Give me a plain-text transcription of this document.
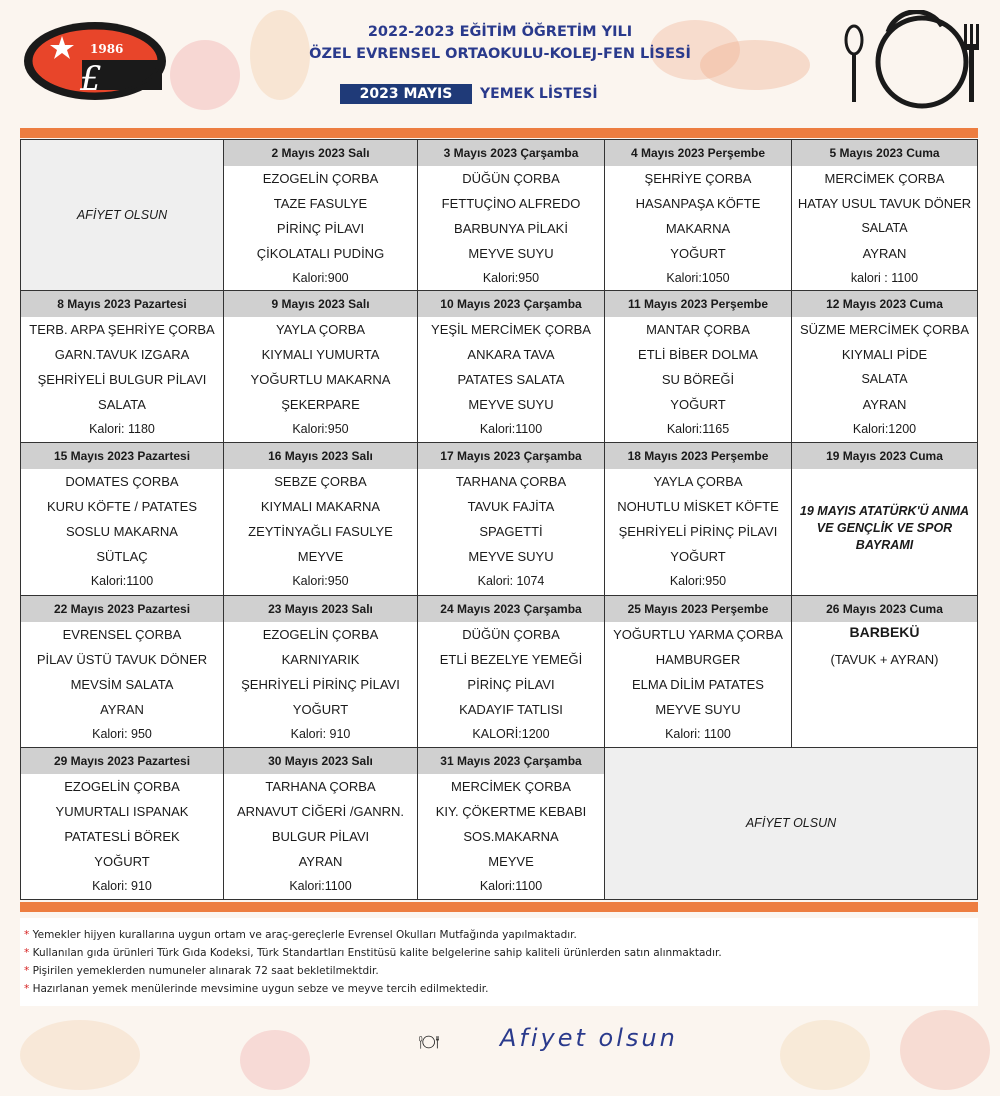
1986
£
2022-2023 EĞİTİM ÖĞRETİM YILI
ÖZEL EVRENSEL ORTAOKULU-KOLEJ-FEN LİSESİ
2023 MAYIS	YEMEK LİSTESİ
AFİYET OLSUN
2 Mayıs 2023 Salı
EZOGELİN ÇORBA
TAZE FASULYE
PİRİNÇ PİLAVI
ÇİKOLATALI PUDİNG
Kalori:900
3 Mayıs 2023 Çarşamba
DÜĞÜN ÇORBA
FETTUÇİNO ALFREDO
BARBUNYA PİLAKİ
MEYVE SUYU
Kalori:950
4 Mayıs 2023 Perşembe
ŞEHRİYE ÇORBA
HASANPAŞA KÖFTE
MAKARNA
YOĞURT
Kalori:1050
5 Mayıs 2023 Cuma
MERCİMEK ÇORBA
HATAY USUL TAVUK DÖNER
SALATA
AYRAN
kalori : 1100
8 Mayıs 2023 Pazartesi
TERB. ARPA ŞEHRİYE ÇORBA
GARN.TAVUK IZGARA
ŞEHRİYELİ BULGUR PİLAVI
SALATA
Kalori: 1180
9 Mayıs 2023 Salı
YAYLA ÇORBA
KIYMALI YUMURTA
YOĞURTLU MAKARNA
ŞEKERPARE
Kalori:950
10 Mayıs 2023 Çarşamba
YEŞİL MERCİMEK ÇORBA
ANKARA TAVA
PATATES SALATA
MEYVE SUYU
Kalori:1100
11 Mayıs 2023 Perşembe
MANTAR ÇORBA
ETLİ BİBER DOLMA
SU BÖREĞİ
YOĞURT
Kalori:1165
12 Mayıs 2023 Cuma
SÜZME MERCİMEK ÇORBA
KIYMALI PİDE
SALATA
AYRAN
Kalori:1200
15 Mayıs 2023 Pazartesi
DOMATES ÇORBA
KURU KÖFTE / PATATES
SOSLU MAKARNA
SÜTLAÇ
Kalori:1100
16 Mayıs 2023 Salı
SEBZE ÇORBA
KIYMALI MAKARNA
ZEYTİNYAĞLI FASULYE
MEYVE
Kalori:950
17 Mayıs 2023 Çarşamba
TARHANA ÇORBA
TAVUK FAJİTA
SPAGETTİ
MEYVE SUYU
Kalori: 1074
18 Mayıs 2023 Perşembe
YAYLA ÇORBA
NOHUTLU MİSKET KÖFTE
ŞEHRİYELİ PİRİNÇ PİLAVI
YOĞURT
Kalori:950
19 Mayıs 2023 Cuma
19 MAYIS ATATÜRK'Ü ANMA VE GENÇLİK VE SPOR BAYRAMI
22 Mayıs 2023 Pazartesi
EVRENSEL ÇORBA
PİLAV ÜSTÜ TAVUK DÖNER
MEVSİM SALATA
AYRAN
Kalori: 950
23 Mayıs 2023 Salı
EZOGELİN ÇORBA
KARNIYARIK
ŞEHRİYELİ PİRİNÇ PİLAVI
YOĞURT
Kalori: 910
24 Mayıs 2023 Çarşamba
DÜĞÜN ÇORBA
ETLİ BEZELYE YEMEĞİ
PİRİNÇ PİLAVI
KADAYIF TATLISI
KALORİ:1200
25 Mayıs 2023 Perşembe
YOĞURTLU YARMA ÇORBA
HAMBURGER
ELMA DİLİM PATATES
MEYVE SUYU
Kalori: 1100
26 Mayıs 2023 Cuma
BARBEKÜ
(TAVUK + AYRAN)
29 Mayıs 2023 Pazartesi
EZOGELİN ÇORBA
YUMURTALI ISPANAK
PATATESLİ BÖREK
YOĞURT
Kalori: 910
30 Mayıs 2023 Salı
TARHANA ÇORBA
ARNAVUT CİĞERİ /GANRN.
BULGUR PİLAVI
AYRAN
Kalori:1100
31 Mayıs 2023 Çarşamba
MERCİMEK ÇORBA
KIY. ÇÖKERTME KEBABI
SOS.MAKARNA
MEYVE
Kalori:1100
AFİYET OLSUN
* Yemekler hijyen kurallarına uygun ortam ve araç-gereçlerle Evrensel Okulları Mutfağında yapılmaktadır.
* Kullanılan gıda ürünleri Türk Gıda Kodeksi, Türk Standartları Enstitüsü kalite belgelerine sahip kaliteli ürünlerden satın alınmaktadır.
* Pişirilen yemeklerden numuneler alınarak 72 saat bekletilmektdir.
* Hazırlanan yemek menülerinde mevsimine uygun sebze ve meyve tercih edilmektedir.
Afiyet olsun
